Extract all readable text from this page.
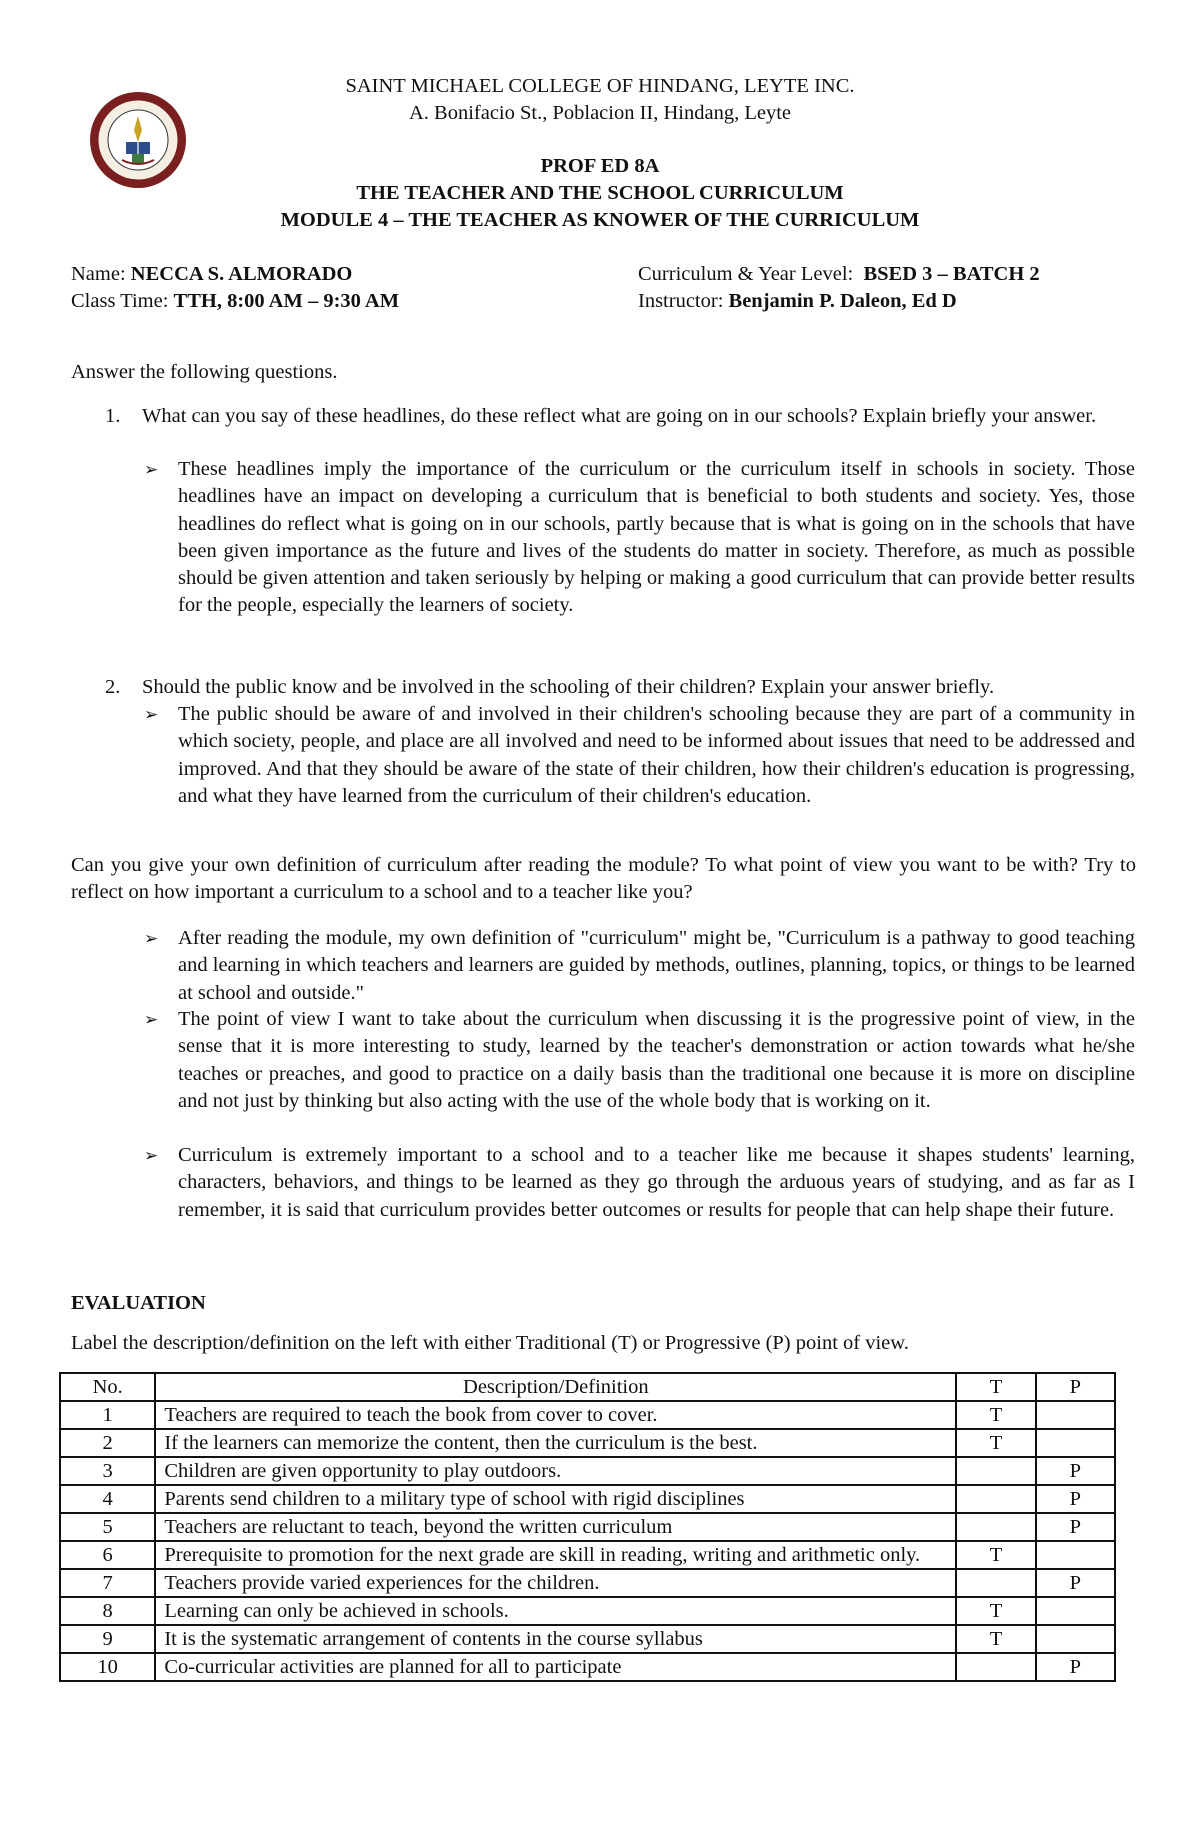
SAINT MICHAEL COLLEGE OF HINDANG, LEYTE INC.
A. Bonifacio St., Poblacion II, Hindang, Leyte
PROF ED 8A
THE TEACHER AND THE SCHOOL CURRICULUM
MODULE 4 – THE TEACHER AS KNOWER OF THE CURRICULUM
Name: NECCA S. ALMORADO
Class Time: TTH, 8:00 AM – 9:30 AM
Curriculum & Year Level:  BSED 3 – BATCH 2
Instructor: Benjamin P. Daleon, Ed D
Answer the following questions.
1. What can you say of these headlines, do these reflect what are going on in our schools? Explain briefly your answer.
➢ These headlines imply the importance of the curriculum or the curriculum itself in schools in society. Those headlines have an impact on developing a curriculum that is beneficial to both students and society. Yes, those headlines do reflect what is going on in our schools, partly because that is what is going on in the schools that have been given importance as the future and lives of the students do matter in society. Therefore, as much as possible should be given attention and taken seriously by helping or making a good curriculum that can provide better results for the people, especially the learners of society.
2. Should the public know and be involved in the schooling of their children? Explain your answer briefly.
➢ The public should be aware of and involved in their children's schooling because they are part of a community in which society, people, and place are all involved and need to be informed about issues that need to be addressed and improved. And that they should be aware of the state of their children, how their children's education is progressing, and what they have learned from the curriculum of their children's education.
Can you give your own definition of curriculum after reading the module? To what point of view you want to be with? Try to reflect on how important a curriculum to a school and to a teacher like you?
➢ After reading the module, my own definition of "curriculum" might be, "Curriculum is a pathway to good teaching and learning in which teachers and learners are guided by methods, outlines, planning, topics, or things to be learned at school and outside."
➢ The point of view I want to take about the curriculum when discussing it is the progressive point of view, in the sense that it is more interesting to study, learned by the teacher's demonstration or action towards what he/she teaches or preaches, and good to practice on a daily basis than the traditional one because it is more on discipline and not just by thinking but also acting with the use of the whole body that is working on it.
➢ Curriculum is extremely important to a school and to a teacher like me because it shapes students' learning, characters, behaviors, and things to be learned as they go through the arduous years of studying, and as far as I remember, it is said that curriculum provides better outcomes or results for people that can help shape their future.
EVALUATION
Label the description/definition on the left with either Traditional (T) or Progressive (P) point of view.
No.	Description/Definition	T	P
1	Teachers are required to teach the book from cover to cover.	T	
2	If the learners can memorize the content, then the curriculum is the best.	T	
3	Children are given opportunity to play outdoors.		P
4	Parents send children to a military type of school with rigid disciplines		P
5	Teachers are reluctant to teach, beyond the written curriculum		P
6	Prerequisite to promotion for the next grade are skill in reading, writing and arithmetic only.	T	
7	Teachers provide varied experiences for the children.		P
8	Learning can only be achieved in schools.	T	
9	It is the systematic arrangement of contents in the course syllabus	T	
10	Co-curricular activities are planned for all to participate		P
